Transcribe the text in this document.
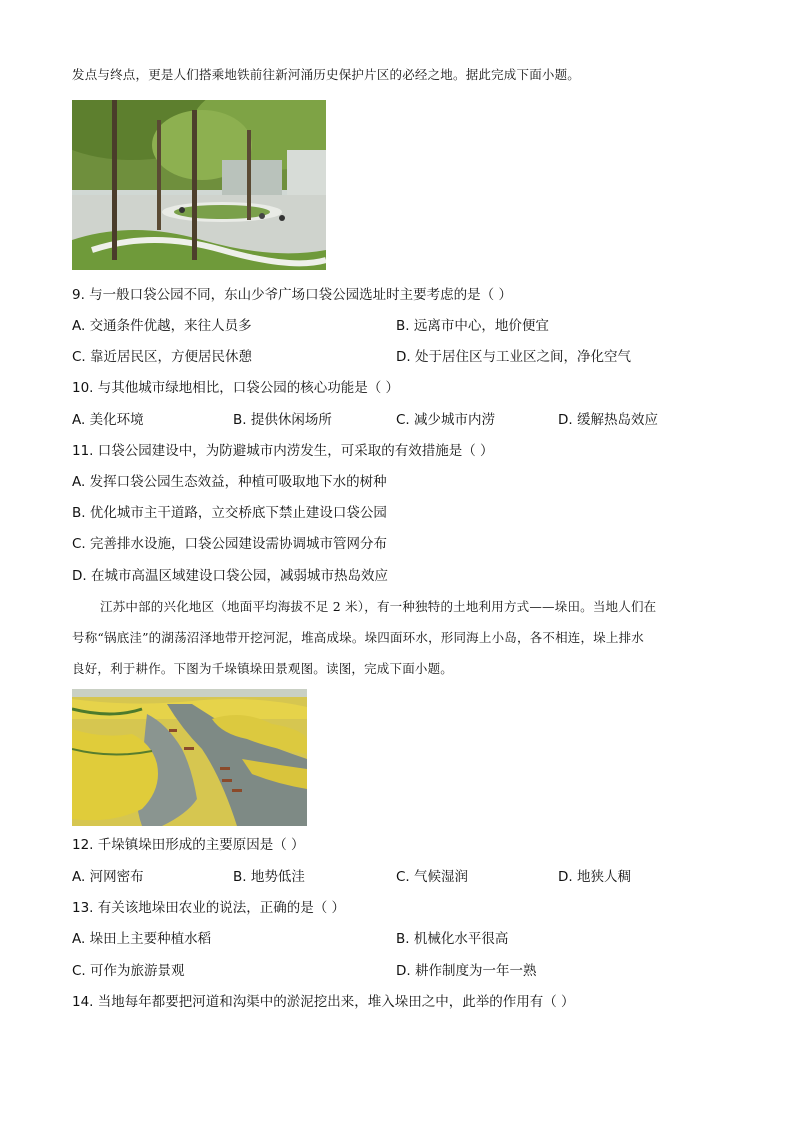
发点与终点，更是人们搭乘地铁前往新河涌历史保护片区的必经之地。据此完成下面小题。
9. 与一般口袋公园不同，东山少爷广场口袋公园选址时主要考虑的是（ ）
A. 交通条件优越，来往人员多	B. 远离市中心，地价便宜
C. 靠近居民区，方便居民休憩	D. 处于居住区与工业区之间，净化空气
10. 与其他城市绿地相比，口袋公园的核心功能是（ ）
A. 美化环境	B. 提供休闲场所	C. 减少城市内涝	D. 缓解热岛效应
11. 口袋公园建设中，为防避城市内涝发生，可采取的有效措施是（ ）
A. 发挥口袋公园生态效益，种植可吸取地下水的树种
B. 优化城市主干道路，立交桥底下禁止建设口袋公园
C. 完善排水设施，口袋公园建设需协调城市管网分布
D. 在城市高温区域建设口袋公园，减弱城市热岛效应
江苏中部的兴化地区（地面平均海拔不足 2 米），有一种独特的土地利用方式——垛田。当地人们在
号称“锅底洼”的湖荡沼泽地带开挖河泥，堆高成垛。垛四面环水，形同海上小岛，各不相连，垛上排水
良好，利于耕作。下图为千垛镇垛田景观图。读图，完成下面小题。
12. 千垛镇垛田形成的主要原因是（ ）
A. 河网密布	B. 地势低洼	C. 气候湿润	D. 地狭人稠
13. 有关该地垛田农业的说法，正确的是（ ）
A. 垛田上主要种植水稻	B. 机械化水平很高
C. 可作为旅游景观	D. 耕作制度为一年一熟
14. 当地每年都要把河道和沟渠中的淤泥挖出来，堆入垛田之中，此举的作用有（ ）
